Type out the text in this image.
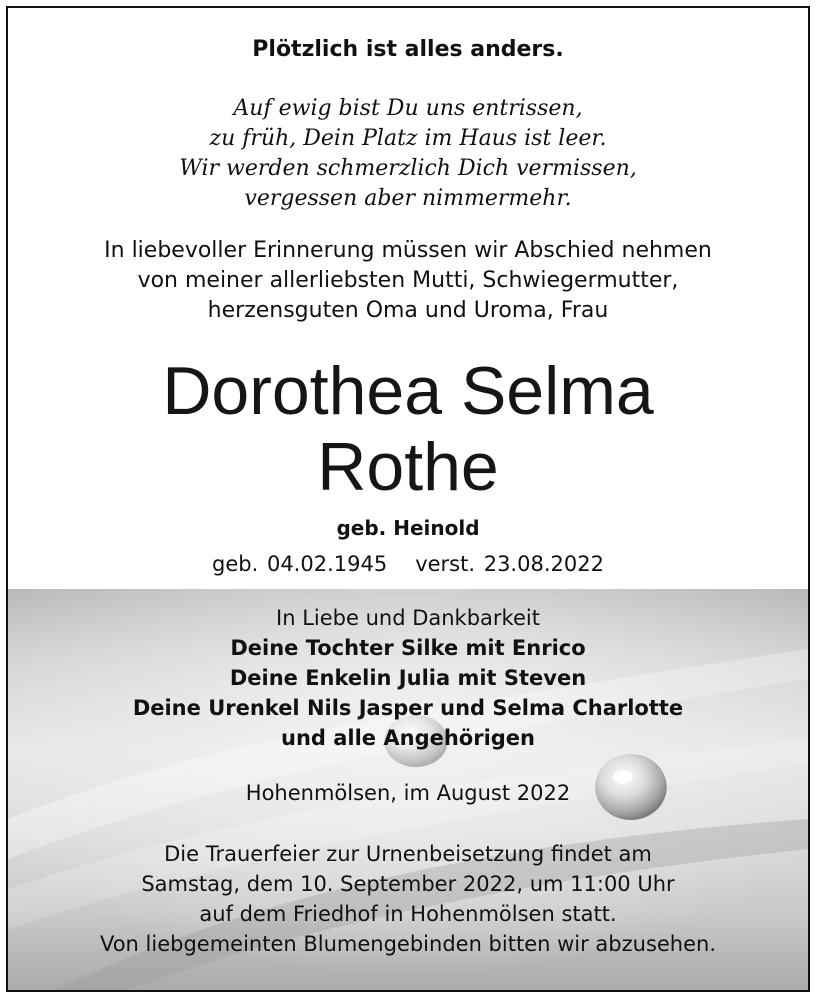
Plötzlich ist alles anders.
Auf ewig bist Du uns entrissen,
zu früh, Dein Platz im Haus ist leer.
Wir werden schmerzlich Dich vermissen,
vergessen aber nimmermehr.
In liebevoller Erinnerung müssen wir Abschied nehmen
von meiner allerliebsten Mutti, Schwiegermutter,
herzensguten Oma und Uroma, Frau
Dorothea Selma
Rothe
geb. Heinold
geb. 04.02.1945 verst. 23.08.2022
In Liebe und Dankbarkeit
Deine Tochter Silke mit Enrico
Deine Enkelin Julia mit Steven
Deine Urenkel Nils Jasper und Selma Charlotte
und alle Angehörigen
Hohenmölsen, im August 2022
Die Trauerfeier zur Urnenbeisetzung findet am
Samstag, dem 10. September 2022, um 11:00 Uhr
auf dem Friedhof in Hohenmölsen statt.
Von liebgemeinten Blumengebinden bitten wir abzusehen.
